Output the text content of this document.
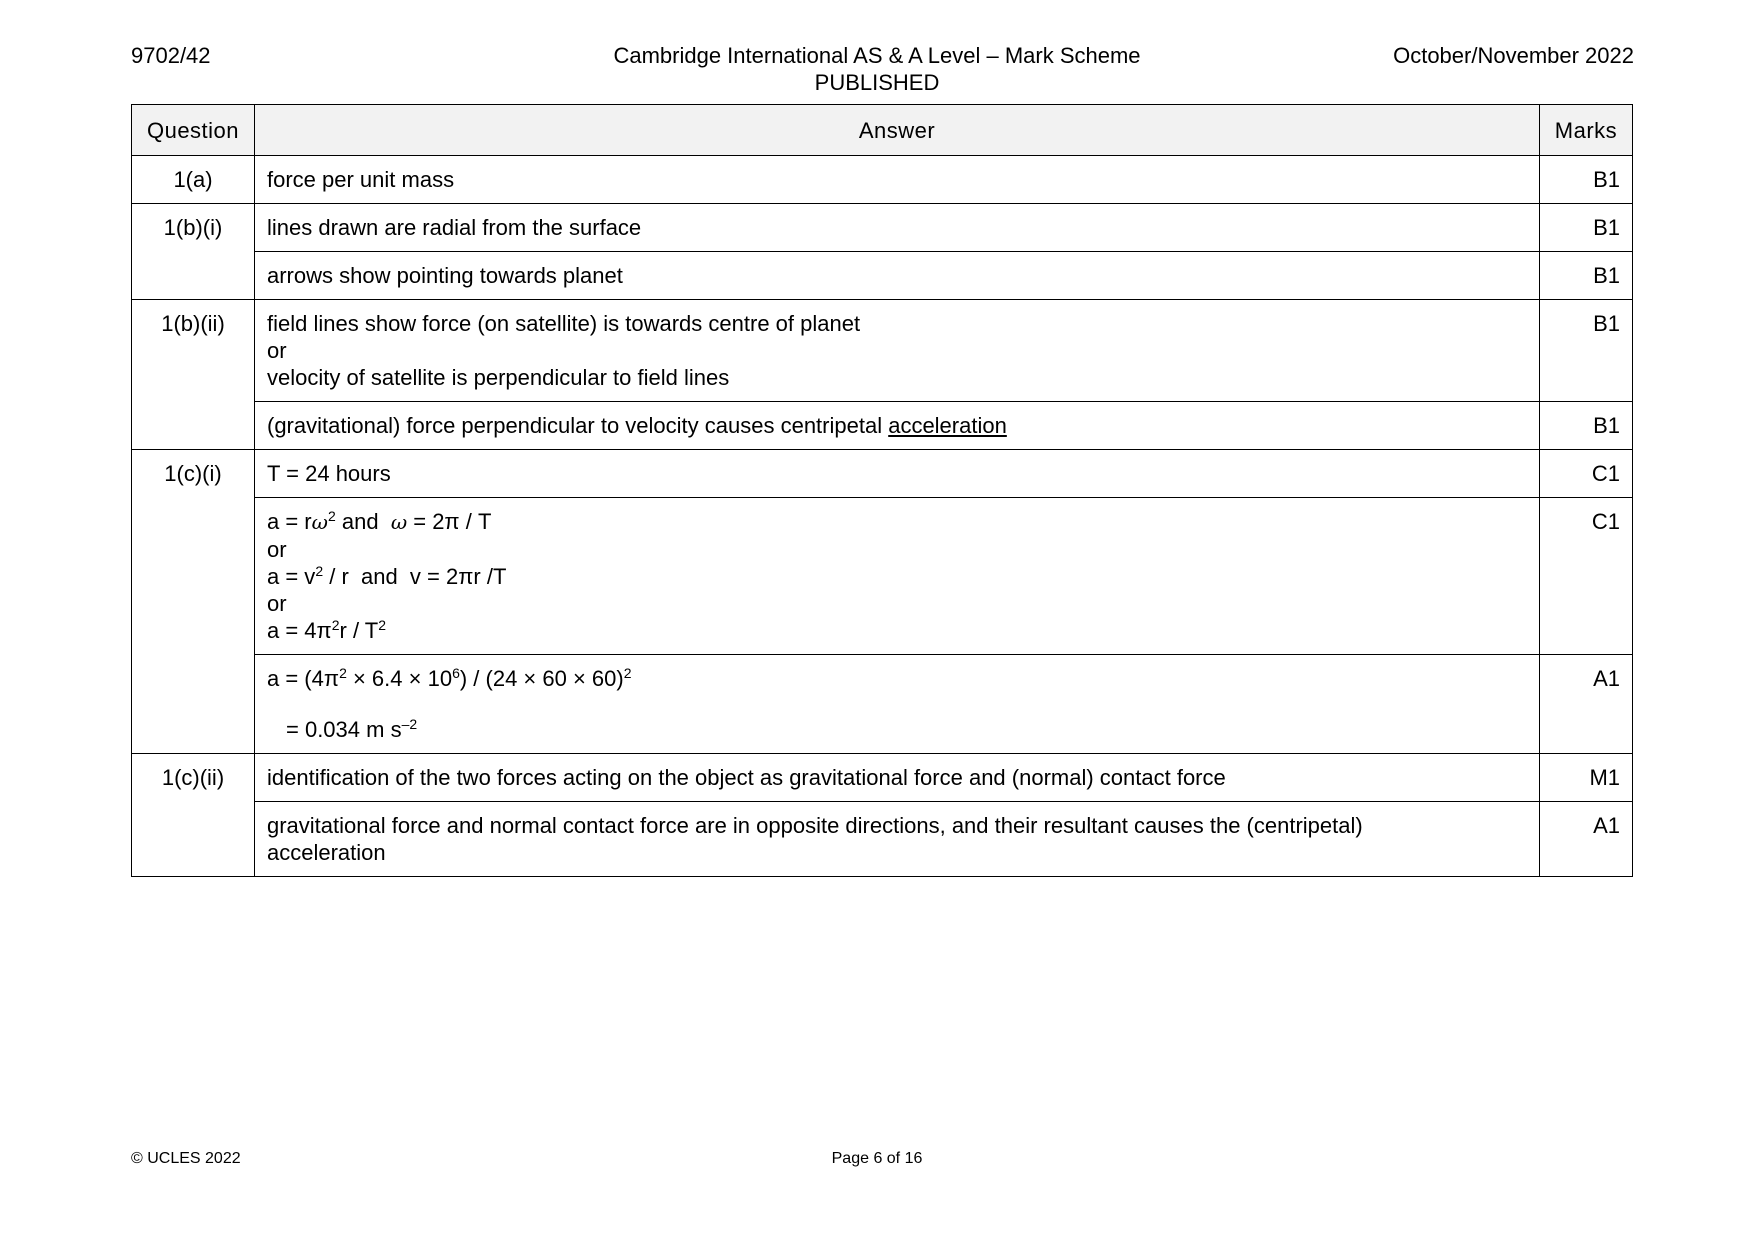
9702/42	Cambridge International AS & A Level – Mark Scheme
PUBLISHED
October/November 2022
Question	Answer	Marks
1(a)	force per unit mass	B1
1(b)(i)	lines drawn are radial from the surface	B1
	arrows show pointing towards planet	B1
1(b)(ii)	field lines show force (on satellite) is towards centre of planet
or
velocity of satellite is perpendicular to field lines	B1
	(gravitational) force perpendicular to velocity causes centripetal acceleration	B1
1(c)(i)	T = 24 hours	C1

	$a = r\omega^2$ and  ω = 2π / T
or
$a = v^2 / r$  and  v = 2πr /T
or
$a = 4\pi^2r / T^2$	C1

	$a = (4\pi^2 \times 6.4 \times 10^6) / (24 \times 60 \times 60)^2$
= 0.034 m $s^{-2}$	A1
1(c)(ii)	identification of the two forces acting on the object as gravitational force and (normal) contact force	M1

	gravitational force and normal contact force are in opposite directions, and their resultant causes the (centripetal)
acceleration	A1
© UCLES 2022	Page 6 of 16
